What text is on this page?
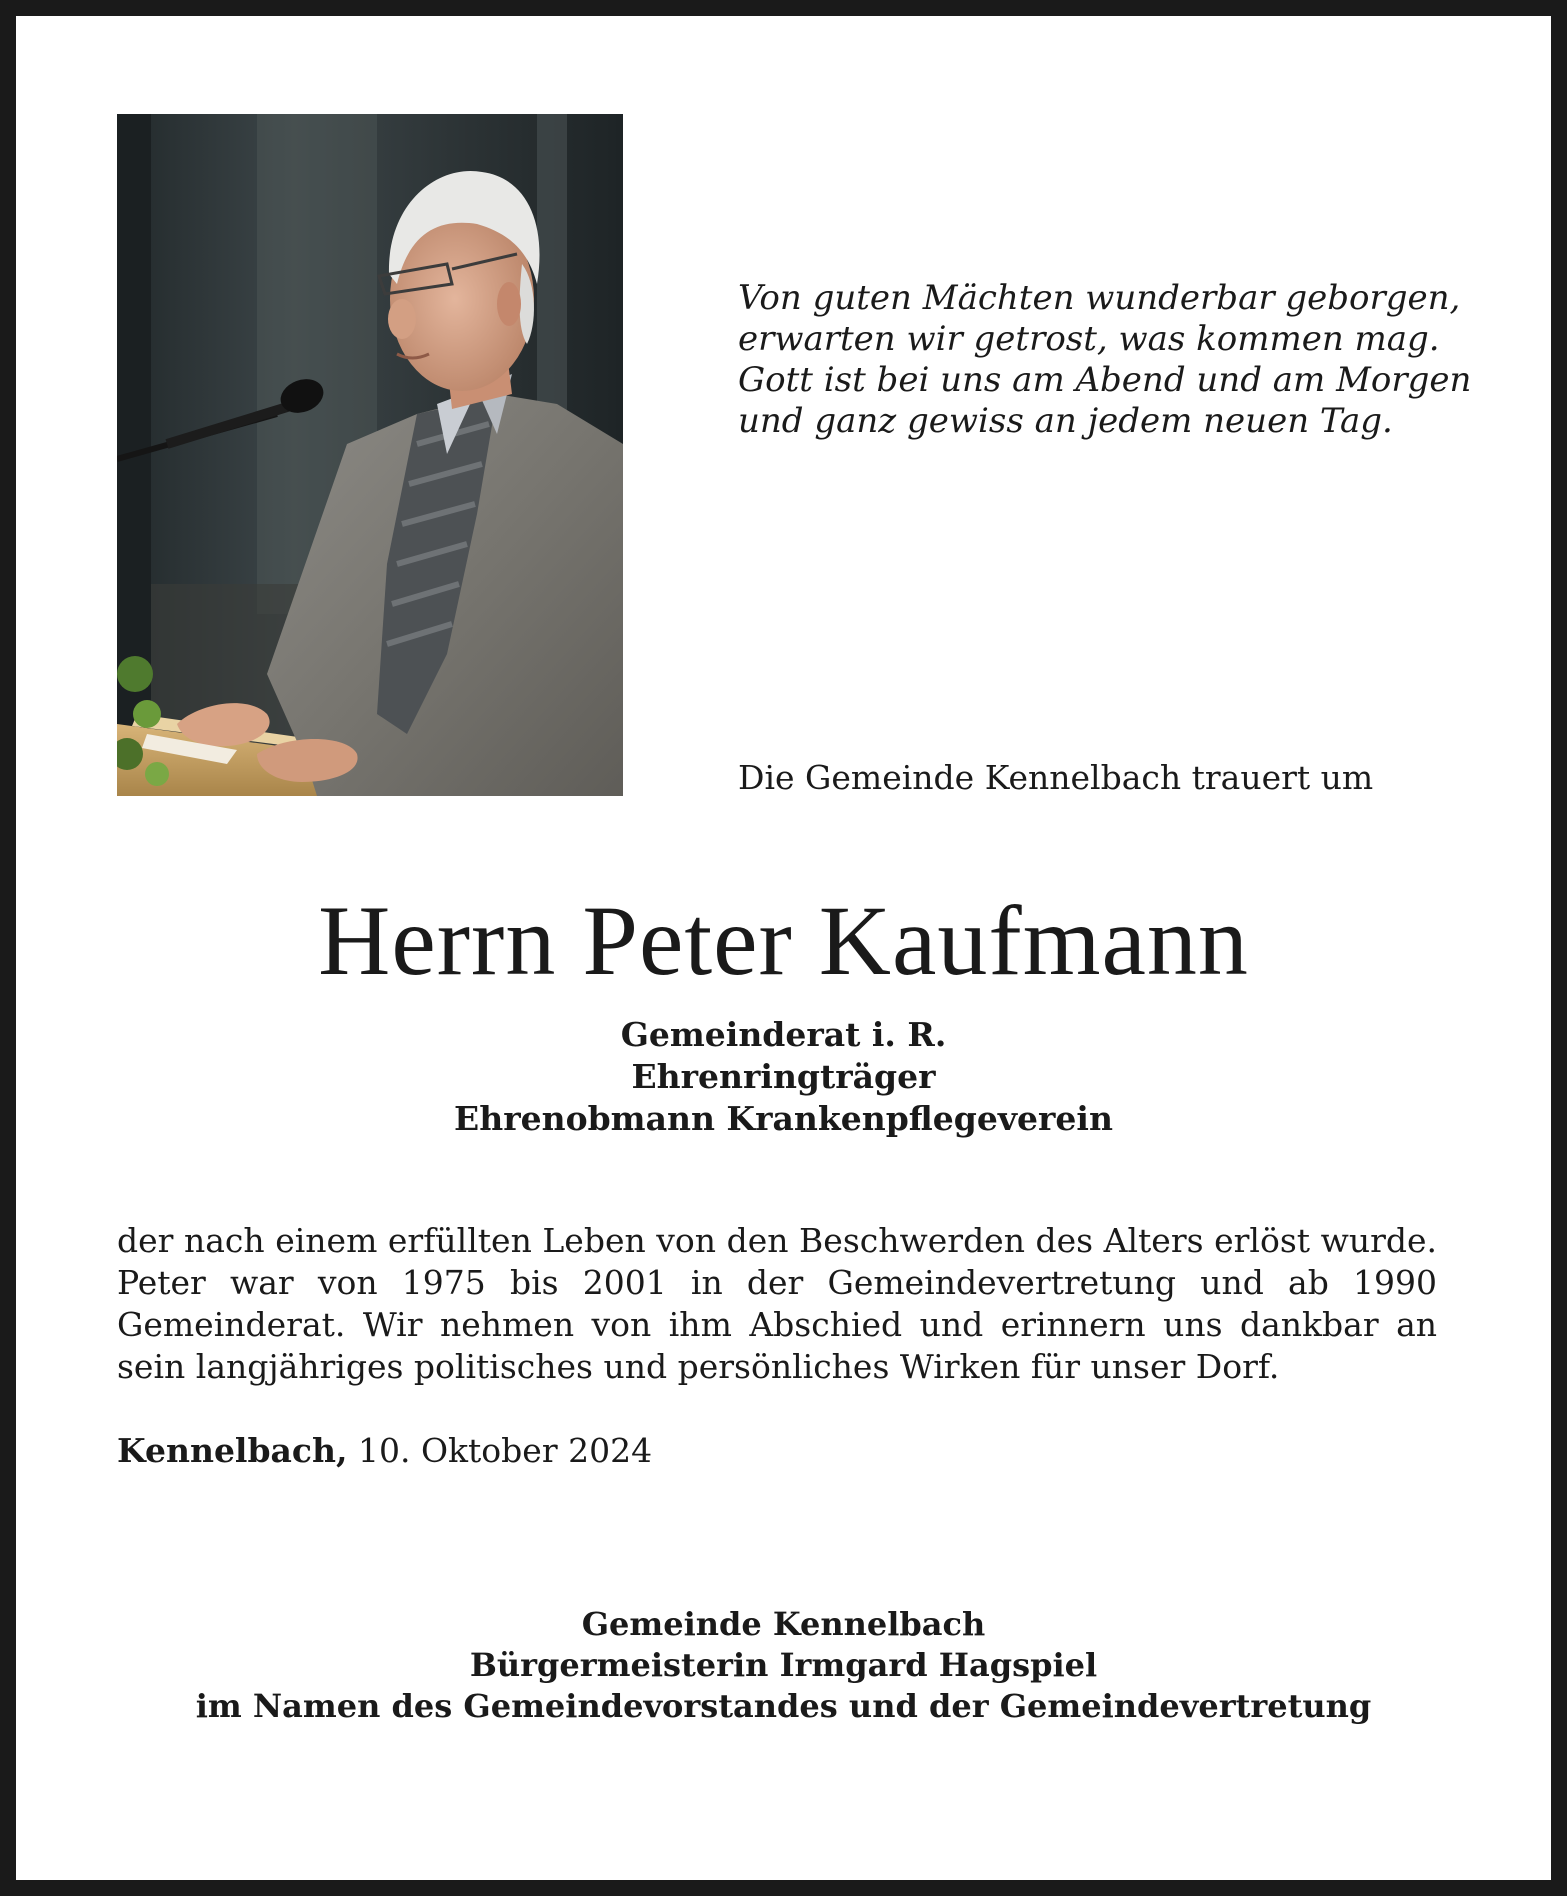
Von guten Mächten wunderbar geborgen,
erwarten wir getrost, was kommen mag.
Gott ist bei uns am Abend und am Morgen
und ganz gewiss an jedem neuen Tag.
Die Gemeinde Kennelbach trauert um
Herrn Peter Kaufmann
Gemeinderat i. R.
Ehrenringträger
Ehrenobmann Krankenpflegeverein
der nach einem erfüllten Leben von den Beschwerden des Alters erlöst wurde. Peter war von 1975 bis 2001 in der Gemeindevertretung und ab 1990 Gemeinderat. Wir nehmen von ihm Abschied und erinnern uns dankbar an sein langjähriges politisches und persönliches Wirken für unser Dorf.
Kennelbach, 10. Oktober 2024
Gemeinde Kennelbach
Bürgermeisterin Irmgard Hagspiel
im Namen des Gemeindevorstandes und der Gemeindevertretung
